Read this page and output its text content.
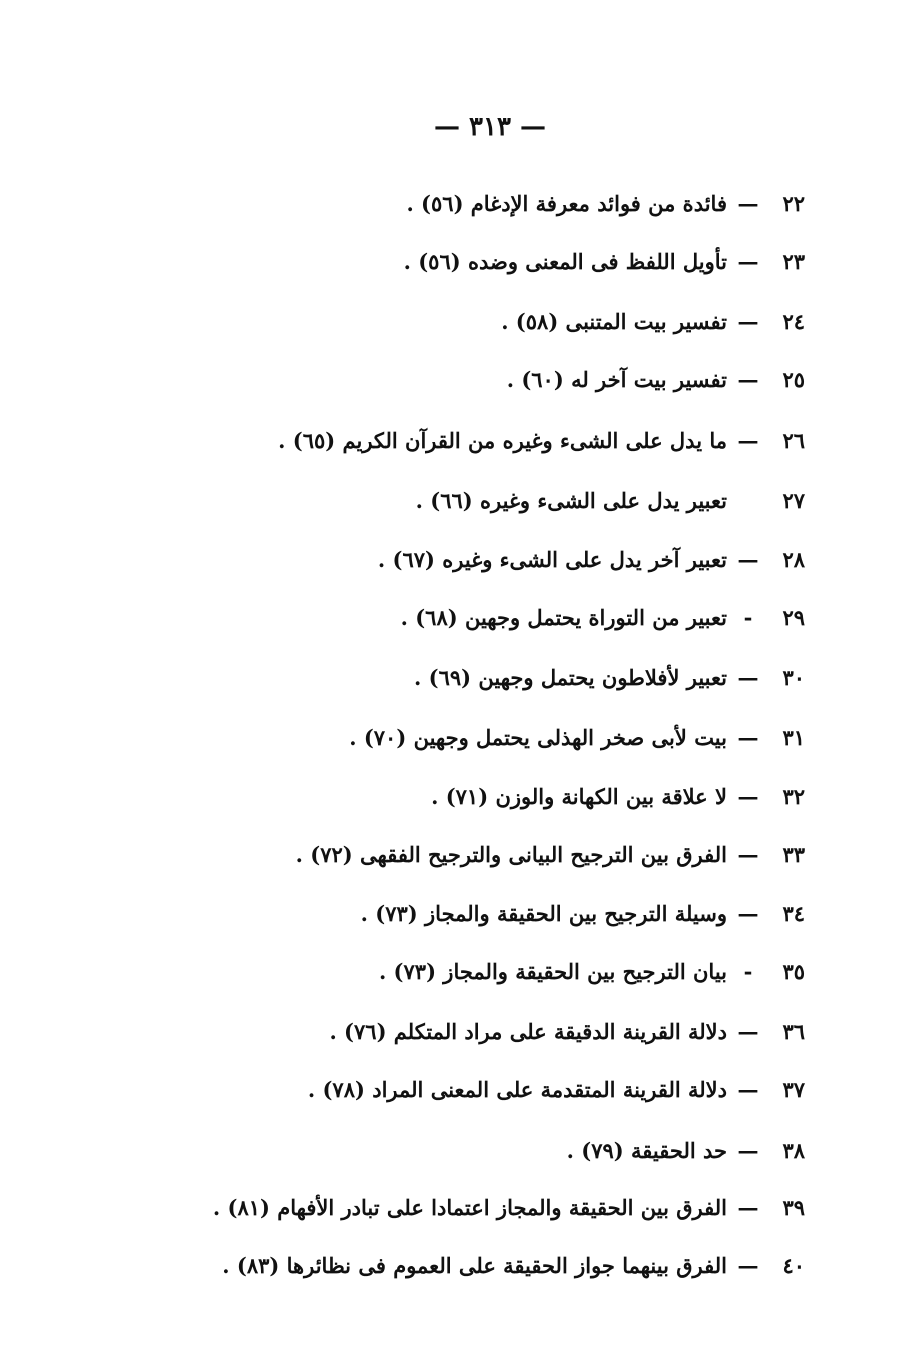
— ٣١٣ —
٢٢
—
فائدة من فوائد معرفة الإدغام (٥٦) .
٢٣
—
تأويل اللفظ فى المعنى وضده (٥٦) .
٢٤
—
تفسير بيت المتنبى (٥٨) .
٢٥
—
تفسير بيت آخر له (٦٠) .
٢٦
—
ما يدل على الشىء وغيره من القرآن الكريم (٦٥) .
٢٧
تعبير يدل على الشىء وغيره (٦٦) .
٢٨
—
تعبير آخر يدل على الشىء وغيره (٦٧) .
٢٩
-
تعبير من التوراة يحتمل وجهين (٦٨) .
٣٠
—
تعبير لأفلاطون يحتمل وجهين (٦٩) .
٣١
—
بيت لأبى صخر الهذلى يحتمل وجهين (٧٠) .
٣٢
—
لا علاقة بين الكهانة والوزن (٧١) .
٣٣
—
الفرق بين الترجيح البيانى والترجيح الفقهى (٧٢) .
٣٤
—
وسيلة الترجيح بين الحقيقة والمجاز (٧٣) .
٣٥
-
بيان الترجيح بين الحقيقة والمجاز (٧٣) .
٣٦
—
دلالة القرينة الدقيقة على مراد المتكلم (٧٦) .
٣٧
—
دلالة القرينة المتقدمة على المعنى المراد (٧٨) .
٣٨
—
حد الحقيقة (٧٩) .
٣٩
—
الفرق بين الحقيقة والمجاز اعتمادا على تبادر الأفهام (٨١) .
٤٠
—
الفرق بينهما جواز الحقيقة على العموم فى نظائرها (٨٣) .
